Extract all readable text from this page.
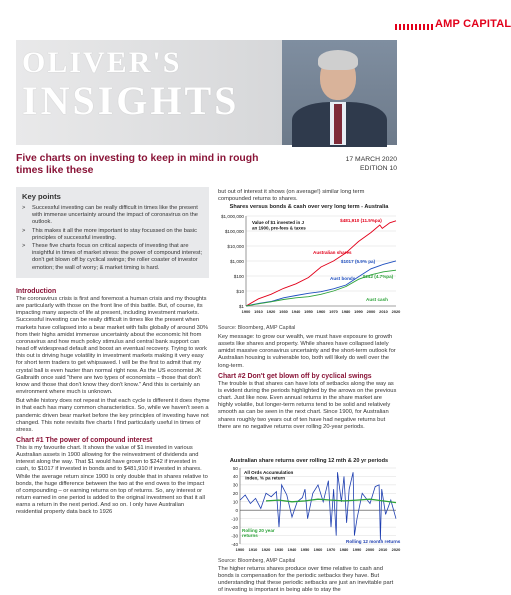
AMP CAPITAL
OLIVER'S
INSIGHTS
Five charts on investing to keep in mind in rough times like these
17 MARCH 2020
EDITION 10
Key points
> Successful investing can be really difficult in times like the present with immense uncertainty around the impact of coronavirus on the outlook.
> This makes it all the more important to stay focussed on the basic principles of successful investing.
> These five charts focus on critical aspects of investing that are insightful in times of market stress: the power of compound interest; don't get blown off by cyclical swings; the roller coaster of investor emotion; the wall of worry; & market timing is hard.
Introduction

The coronavirus crisis is first and foremost a human crisis and my thoughts are particularly with those on the front line of this battle. But, of course, its impacting many aspects of life at present, including investment markets. Successful investing can be really difficult in times like the present when markets have collapsed into a bear market with falls globally of around 30% from their highs amidst immense uncertainty about the economic hit from coronavirus and how much policy stimulus and central bank support can head off widespread default and boost an eventual recovery. Trying to work this out is driving huge volatility in investment markets making it very easy for short term traders to get whipsawed. I will be the first to admit that my crystal ball is even hazier than normal right now. As the US economist JK Galbraith once said "there are two types of economists – those that don't know and those that don't know they don't know." And this is certainly an environment where much is unknown.

But while history does not repeat in that each cycle is different it does rhyme in that each has many common characteristics. So, while we haven't seen a pandemic driven bear market before the key principles of investing have not changed. This note revisits five charts I find particularly useful in times of stress.

Chart #1 The power of compound interest

This is my favourite chart. It shows the value of $1 invested in various Australian assets in 1900 allowing for the reinvestment of dividends and interest along the way. That $1 would have grown to $242 if invested in cash, to $1017 if invested in bonds and to $481,910 if invested in shares. While the average return since 1900 is only double that in shares relative to bonds, the huge difference between the two at the end owes to the impact of compounding – or earning returns on top of returns. So, any interest or return earned in one period is added to the original investment so that it all earns a return in the next period. And so on. I only have Australian residential property data back to 1926

but out of interest it shows (on average!) similar long term compounded returns to shares.

Shares versus bonds & cash over very long term - Australia
$1
$10
$100
$1,000
$10,000
$100,000
$1,000,000
1900 1910 1920 1930 1940 1950 1960 1970 1980 1990 2000 2010 2020
Australian shares
$481,910 (11.5%pa)
Aust bonds
$1017 (5.9% pa)
Aust cash
$242 (4.7%pa)
Value of $1 invested in J an 1900, pre-fees & taxes
Source: Bloomberg, AMP Capital

Key message: to grow our wealth, we must have exposure to growth assets like shares and property. While shares have collapsed lately amidst massive coronavirus uncertainty and the short-term outlook for Australian housing is vulnerable too, both will likely do well over the long-term.

Chart #2 Don't get blown off by cyclical swings

The trouble is that shares can have lots of setbacks along the way as is evident during the periods highlighted by the arrows on the previous chart. Just like now. Even annual returns in the share market are highly volatile, but longer-term returns tend to be solid and relatively smooth as can be seen in the next chart. Since 1900, for Australian shares roughly two years out of ten have had negative returns but there are no negative returns over rolling 20-year periods.

Australian share returns over rolling 12 mth & 20 yr periods
-40
-30
-20
-10
0
10
20
30
40
50
1900 1910 1920 1930 1940 1950 1960 1970 1980 1990 2000 2010 2020
All Ords Accumulation index, % pa return
Rolling 20 year returns
Rolling 12 month returns
Source: Bloomberg, AMP Capital

The higher returns shares produce over time relative to cash and bonds is compensation for the periodic setbacks they have. But understanding that these periodic setbacks are just an inevitable part of investing is important in being able to stay the
